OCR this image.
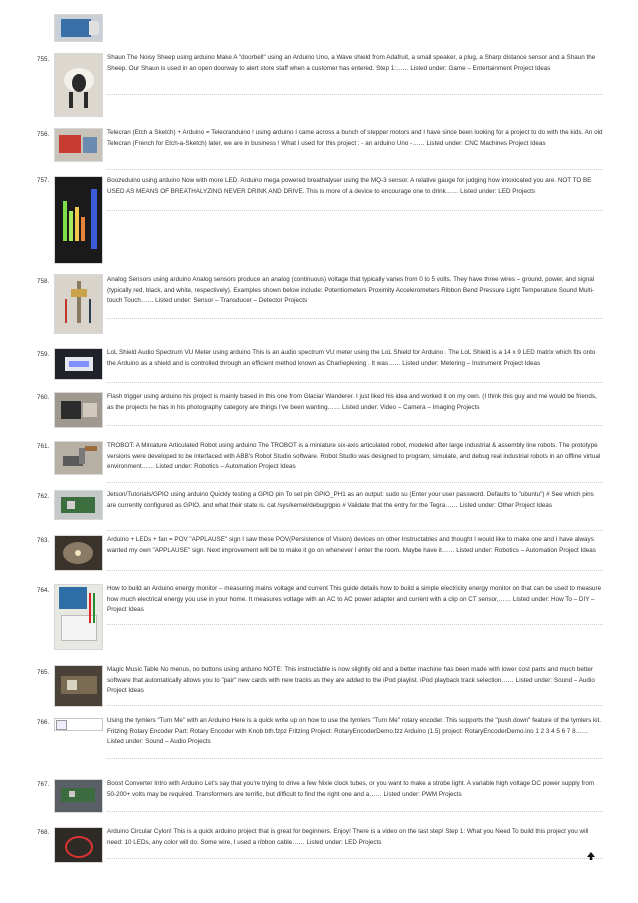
755.	Shaun The Noisy Sheep using arduino Make A "doorbell" using an Arduino Uno, a Wave shield from Adafruit, a small speaker, a plug, a Sharp distance sensor and a Shaun the Sheep. Our Shaun is used in an open doorway to alert store staff when a customer has entered. Step 1:…… Listed under: Game – Entertainment Project Ideas
756.	Telecran (Etch a Sketch) + Arduino = Telecranduino ! using arduino I came across a bunch of stepper motors and I have since been looking for a project to do with the kids. An old Telecran (French for Etch-a-Sketch) later, we are in business ! What I used for this project : - an arduino Uno -…… Listed under: CNC Machines Project Ideas
757.	Boozeduino using arduino Now with more LED. Arduino mega powered breathalyser using the MQ-3 sensor. A relative gauge for judging how intoxicated you are. NOT TO BE USED AS MEANS OF BREATHALYZING NEVER DRINK AND DRIVE. This is more of a device to encourage one to drink…… Listed under: LED Projects
758.	Analog Sensors using arduino Analog sensors produce an analog (continuous) voltage that typically varies from 0 to 5 volts. They have three wires – ground, power, and signal (typically red, black, and white, respectively). Examples shown below include: Potentiometers Proximity Accelerometers Ribbon Bend Pressure Light Temperature Sound Multi-touch Touch…… Listed under: Sensor – Transducer – Detector Projects
759.	LoL Shield Audio Spectrum VU Meter using arduino This is an audio spectrum VU meter using the LoL Shield for Arduino . The LoL Shield is a 14 x 9 LED matrix which fits onto the Arduino as a shield and is controlled through an efficient method known as Charlieplexing . It was…… Listed under: Metering – Instrument Project Ideas
760.	Flash trigger using arduino his project is mainly based in this one from Glaciar Wanderer. I just liked his idea and worked it on my own. (I think this guy and me would be friends, as the projects he has in his photography category are things I've been wanting…… Listed under: Video – Camera – Imaging Projects
761.	TROBOT: A Miniature Articulated Robot using arduino The TROBOT is a miniature six-axis articulated robot, modeled after large industrial & assembly line robots. The prototype versions were developed to be interfaced with ABB's Robot Studio software. Robot Studio was designed to program, simulate, and debug real industrial robots in an offline virtual environment…… Listed under: Robotics – Automation Project Ideas
762.	Jetson/Tutorials/GPIO using arduino Quickly testing a GPIO pin To set pin GPIO_PH1 as an output: sudo su (Enter your user password. Defaults to "ubuntu") # See which pins are currently configured as GPIO, and what their state is. cat /sys/kernel/debug/gpio # Validate that the entry for the Tegra…… Listed under: Other Project Ideas
763.	Arduino + LEDs + fan = POV "APPLAUSE" sign I saw these POV(Persistence of Vision) devices on other Instructables and thought I would like to make one and I have always wanted my own "APPLAUSE" sign. Next improvement will be to make it go on whenever I enter the room. Maybe have it…… Listed under: Robotics – Automation Project Ideas
764.	How to build an Arduino energy monitor – measuring mains voltage and current This guide details how to build a simple electricity energy monitor on that can be used to measure how much electrical energy you use in your home. It measures voltage with an AC to AC power adapter and current with a clip on CT sensor,…… Listed under: How To – DIY – Project Ideas
765.	Magic Music Table No menus, no buttons using arduino NOTE: This instructable is now slightly old and a better machine has been made with lower cost parts and much better software that automatically allows you to "pair" new cards with new tracks as they are added to the iPod playlist. iPod playback track selection…… Listed under: Sound – Audio Project Ideas
766.	Using the tymlers "Turn Me" with an Arduino Here is a quick write up on how to use the tymlers "Turn Me" rotary encoder. This supports the "push down" feature of the tymlers kit. Fritzing Rotary Encoder Part: Rotary Encoder with Knob bth.fzpz Fritzing Project: RotaryEncoderDemo.fzz Arduino (1.5) project: RotaryEncoderDemo.ino 1 2 3 4 5 6 7 8…… Listed under: Sound – Audio Projects
767.	Boost Converter Intro with Arduino Let's say that you're trying to drive a few Nixie clock tubes, or you want to make a strobe light. A variable high voltage DC power supply from 50-200+ volts may be required. Transformers are terrific, but difficult to find the right one and a…… Listed under: PWM Projects
768.	Arduino Circular Cylon! This is a quick arduino project that is great for beginners. Enjoy! There is a video on the last step! Step 1: What you Need To build this project you will need: 10 LEDs, any color will do. Some wire, I used a ribbon cable…… Listed under: LED Projects
